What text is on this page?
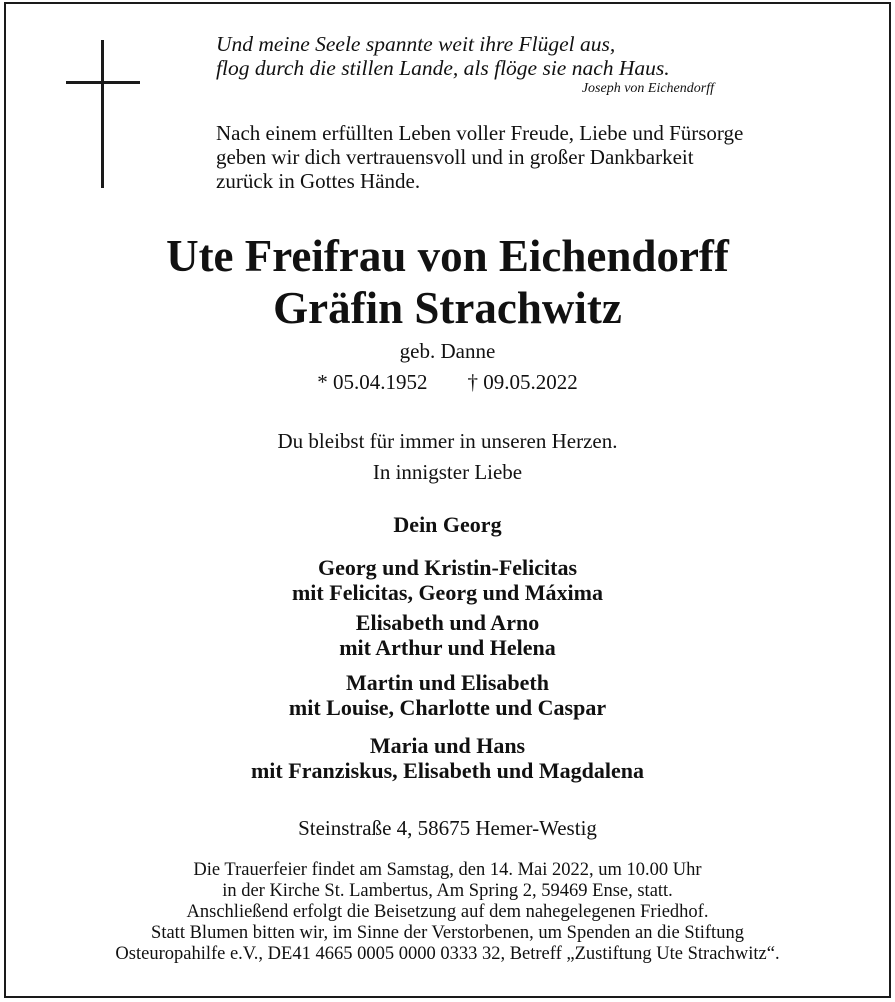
Und meine Seele spannte weit ihre Flügel aus,
flog durch die stillen Lande, als flöge sie nach Haus.
Joseph von Eichendorff
Nach einem erfüllten Leben voller Freude, Liebe und Fürsorge
geben wir dich vertrauensvoll und in großer Dankbarkeit
zurück in Gottes Hände.
Ute Freifrau von Eichendorff
Gräfin Strachwitz
geb. Danne
* 05.04.1952 † 09.05.2022
Du bleibst für immer in unseren Herzen.
In innigster Liebe
Dein Georg
Georg und Kristin-Felicitas
mit Felicitas, Georg und Máxima
Elisabeth und Arno
mit Arthur und Helena
Martin und Elisabeth
mit Louise, Charlotte und Caspar
Maria und Hans
mit Franziskus, Elisabeth und Magdalena
Steinstraße 4, 58675 Hemer-Westig
Die Trauerfeier findet am Samstag, den 14. Mai 2022, um 10.00 Uhr
in der Kirche St. Lambertus, Am Spring 2, 59469 Ense, statt.
Anschließend erfolgt die Beisetzung auf dem nahegelegenen Friedhof.
Statt Blumen bitten wir, im Sinne der Verstorbenen, um Spenden an die Stiftung
Osteuropahilfe e.V., DE41 4665 0005 0000 0333 32, Betreff „Zustiftung Ute Strachwitz“.
